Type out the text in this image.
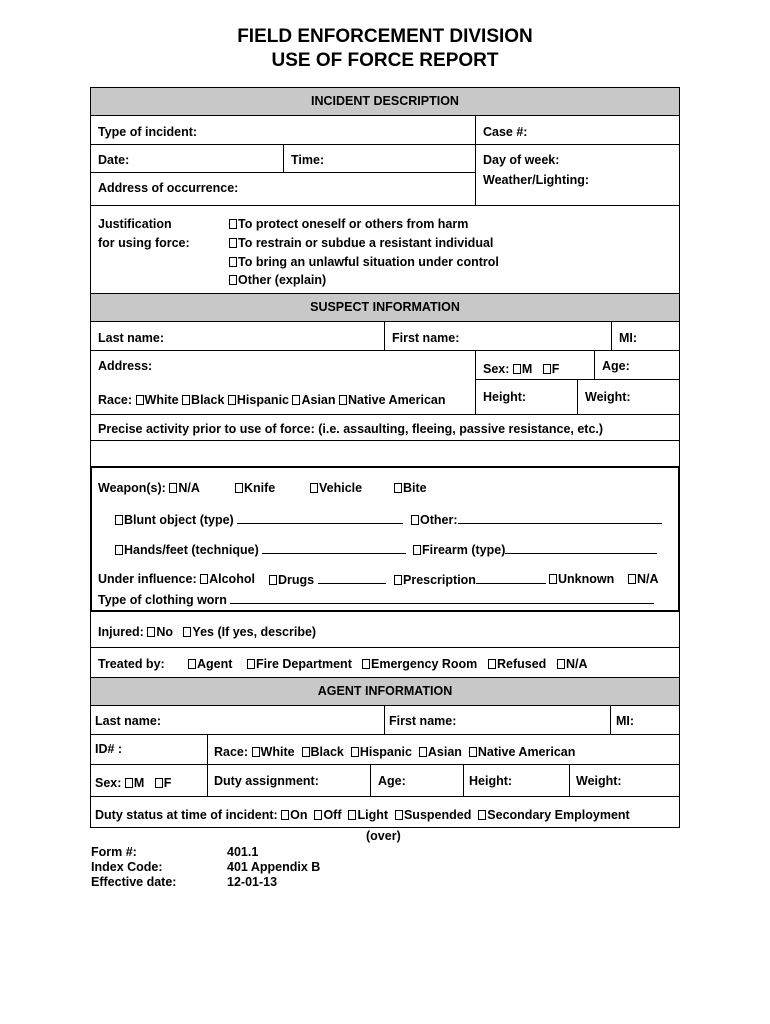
FIELD ENFORCEMENT DIVISION
USE OF FORCE REPORT
INCIDENT DESCRIPTION
Type of incident:	Case #:
Date:	Time:	Day of week:
Weather/Lighting:
Address of occurrence:
Justification
for using force:
To protect oneself or others from harm
To restrain or subdue a resistant individual
To bring an unlawful situation under control
Other (explain)
SUSPECT INFORMATION
Last name:	First name:	MI:
Address:	Sex: M F	Age:
Height:	Weight:
Race: White Black Hispanic Asian Native American
Precise activity prior to use of force: (i.e. assaulting, fleeing, passive resistance, etc.)
Weapon(s): N/A	Knife	Vehicle	Bite
Blunt object (type)	Other:
Hands/feet (technique)	Firearm (type)
Under influence: Alcohol	Drugs	Prescription	Unknown	N/A
Type of clothing worn
Injured: No Yes (If yes, describe)
Treated by:	Agent	Fire Department	Emergency Room	Refused	N/A
AGENT INFORMATION
Last name:	First name:	MI:
ID# :	Race: White Black Hispanic Asian Native American
Sex: M F	Duty assignment:	Age:	Height:	Weight:
Duty status at time of incident: On Off Light Suspended Secondary Employment
(over)
Form #:	401.1
Index Code:	401 Appendix B
Effective date:	12-01-13
